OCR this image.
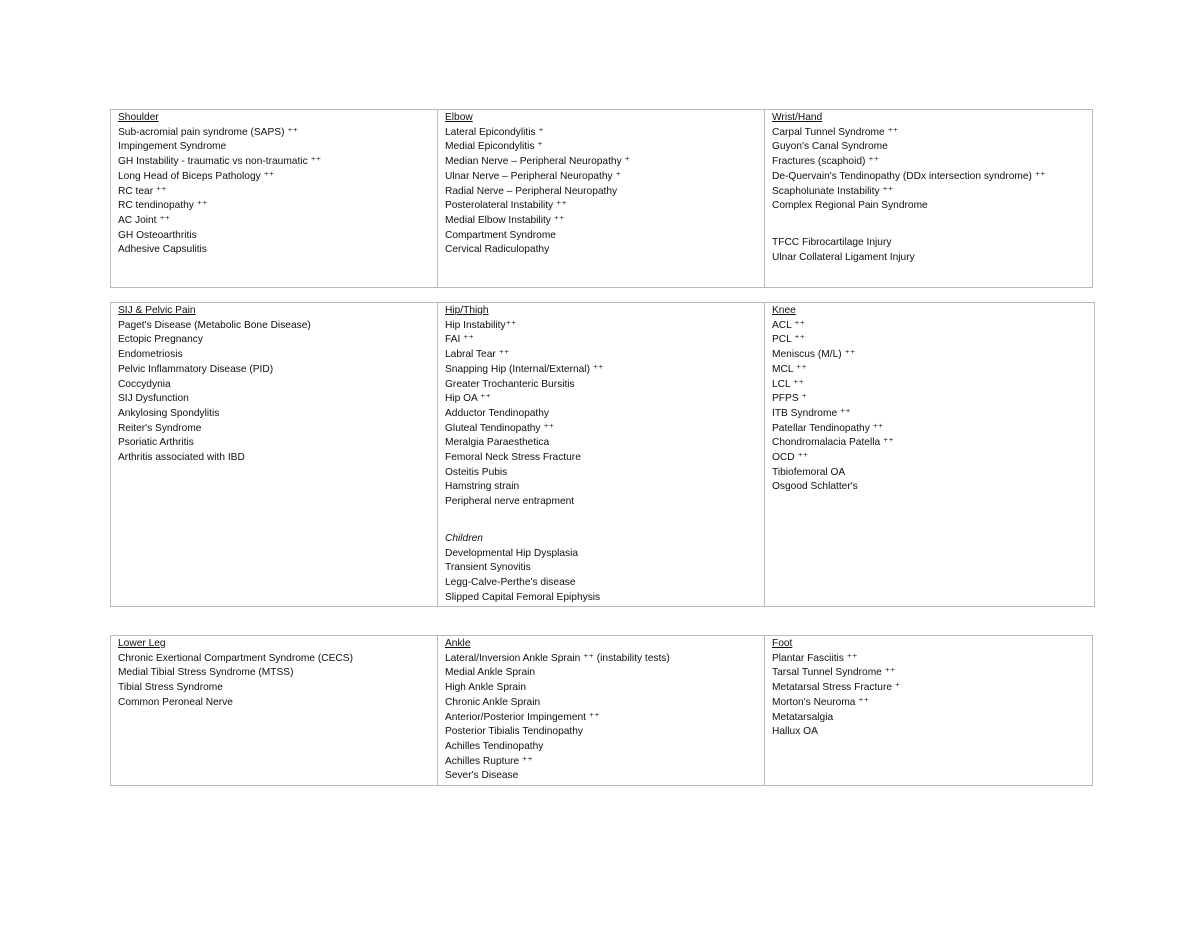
Shoulder
Sub-acromial pain syndrome (SAPS) ⁺⁺
Impingement Syndrome
GH Instability - traumatic vs non-traumatic ⁺⁺
Long Head of Biceps Pathology ⁺⁺
RC tear ⁺⁺
RC tendinopathy ⁺⁺
AC Joint ⁺⁺
GH Osteoarthritis
Adhesive Capsulitis

Elbow
Lateral Epicondylitis ⁺
Medial Epicondylitis ⁺
Median Nerve – Peripheral Neuropathy ⁺
Ulnar Nerve – Peripheral Neuropathy ⁺
Radial Nerve – Peripheral Neuropathy
Posterolateral Instability ⁺⁺
Medial Elbow Instability ⁺⁺
Compartment Syndrome
Cervical Radiculopathy

Wrist/Hand
Carpal Tunnel Syndrome ⁺⁺
Guyon's Canal Syndrome
Fractures (scaphoid) ⁺⁺
De-Quervain's Tendinopathy (DDx intersection syndrome) ⁺⁺
Scapholunate Instability ⁺⁺
Complex Regional Pain Syndrome
TFCC Fibrocartilage Injury
Ulnar Collateral Ligament Injury
SIJ & Pelvic Pain
Paget's Disease (Metabolic Bone Disease)
Ectopic Pregnancy
Endometriosis
Pelvic Inflammatory Disease (PID)
Coccydynia
SIJ Dysfunction
Ankylosing Spondylitis
Reiter's Syndrome
Psoriatic Arthritis
Arthritis associated with IBD

Hip/Thigh
Hip Instability⁺⁺
FAI ⁺⁺
Labral Tear ⁺⁺
Snapping Hip (Internal/External) ⁺⁺
Greater Trochanteric Bursitis
Hip OA ⁺⁺
Adductor Tendinopathy
Gluteal Tendinopathy ⁺⁺
Meralgia Paraesthetica
Femoral Neck Stress Fracture
Osteitis Pubis
Hamstring strain
Peripheral nerve entrapment
Children
Developmental Hip Dysplasia
Transient Synovitis
Legg-Calve-Perthe's disease
Slipped Capital Femoral Epiphysis

Knee
ACL ⁺⁺
PCL ⁺⁺
Meniscus (M/L) ⁺⁺
MCL ⁺⁺
LCL ⁺⁺
PFPS ⁺
ITB Syndrome ⁺⁺
Patellar Tendinopathy ⁺⁺
Chondromalacia Patella ⁺⁺
OCD ⁺⁺
Tibiofemoral OA
Osgood Schlatter's
Lower Leg
Chronic Exertional Compartment Syndrome (CECS)
Medial Tibial Stress Syndrome (MTSS)
Tibial Stress Syndrome
Common Peroneal Nerve

Ankle
Lateral/Inversion Ankle Sprain ⁺⁺ (instability tests)
Medial Ankle Sprain
High Ankle Sprain
Chronic Ankle Sprain
Anterior/Posterior Impingement ⁺⁺
Posterior Tibialis Tendinopathy
Achilles Tendinopathy
Achilles Rupture ⁺⁺
Sever's Disease

Foot
Plantar Fasciitis ⁺⁺
Tarsal Tunnel Syndrome ⁺⁺
Metatarsal Stress Fracture ⁺
Morton's Neuroma ⁺⁺
Metatarsalgia
Hallux OA
